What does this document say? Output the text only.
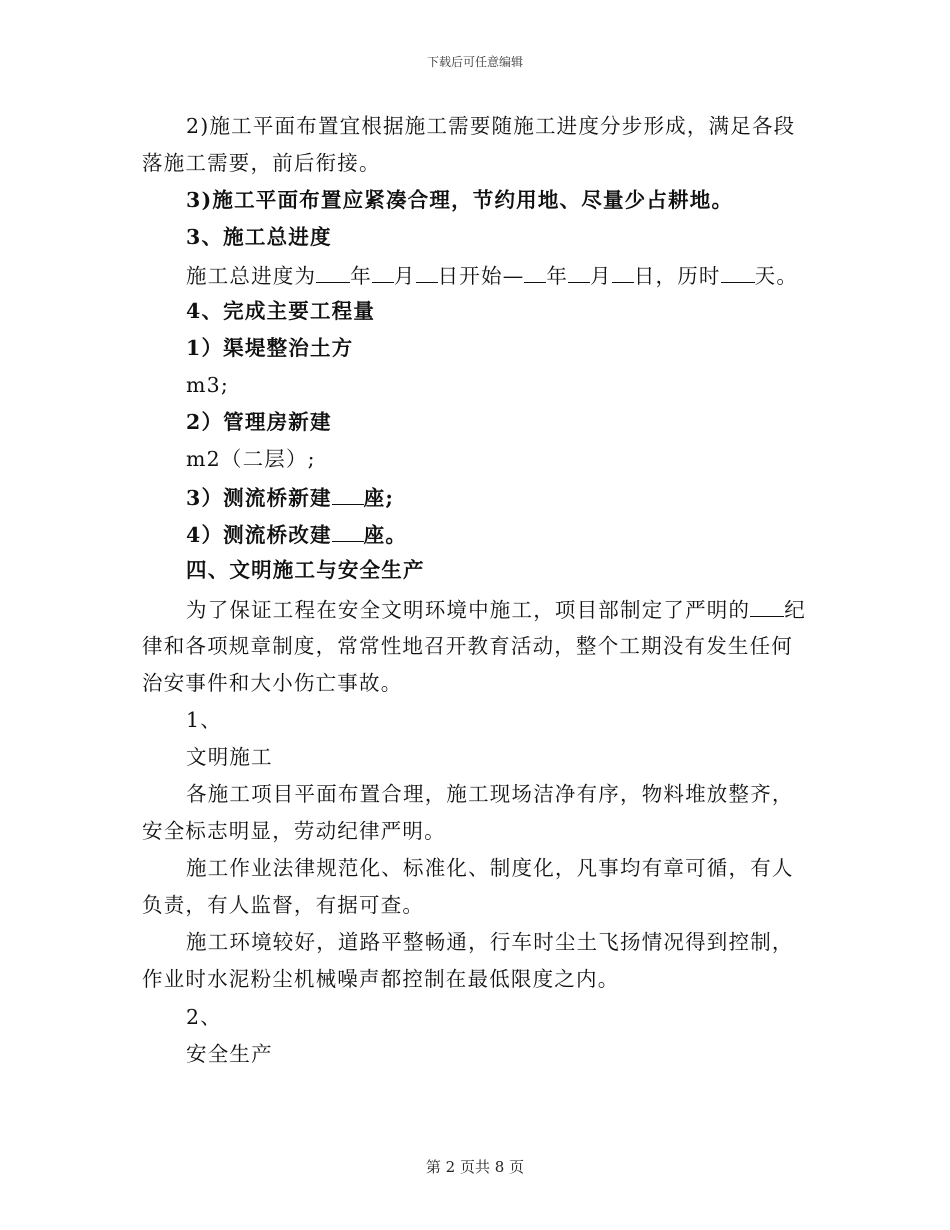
下载后可任意编辑
2)施工平面布置宜根据施工需要随施工进度分步形成，满足各段
落施工需要，前后衔接。
3)施工平面布置应紧凑合理，节约用地、尽量少占耕地。
3、施工总进度
施工总进度为 年 月 日开始— 年 月 日，历时 天。
4、完成主要工程量
1）渠堤整治土方
m3;
2）管理房新建
m2（二层）;
3）测流桥新建 座;
4）测流桥改建 座。
四、文明施工与安全生产
为了保证工程在安全文明环境中施工，项目部制定了严明的 纪
律和各项规章制度，常常性地召开教育活动，整个工期没有发生任何
治安事件和大小伤亡事故。
1、
文明施工
各施工项目平面布置合理，施工现场洁净有序，物料堆放整齐，
安全标志明显，劳动纪律严明。
施工作业法律规范化、标准化、制度化，凡事均有章可循，有人
负责，有人监督，有据可查。
施工环境较好，道路平整畅通，行车时尘土飞扬情况得到控制，
作业时水泥粉尘机械噪声都控制在最低限度之内。
2、
安全生产
第 2 页共 8 页
